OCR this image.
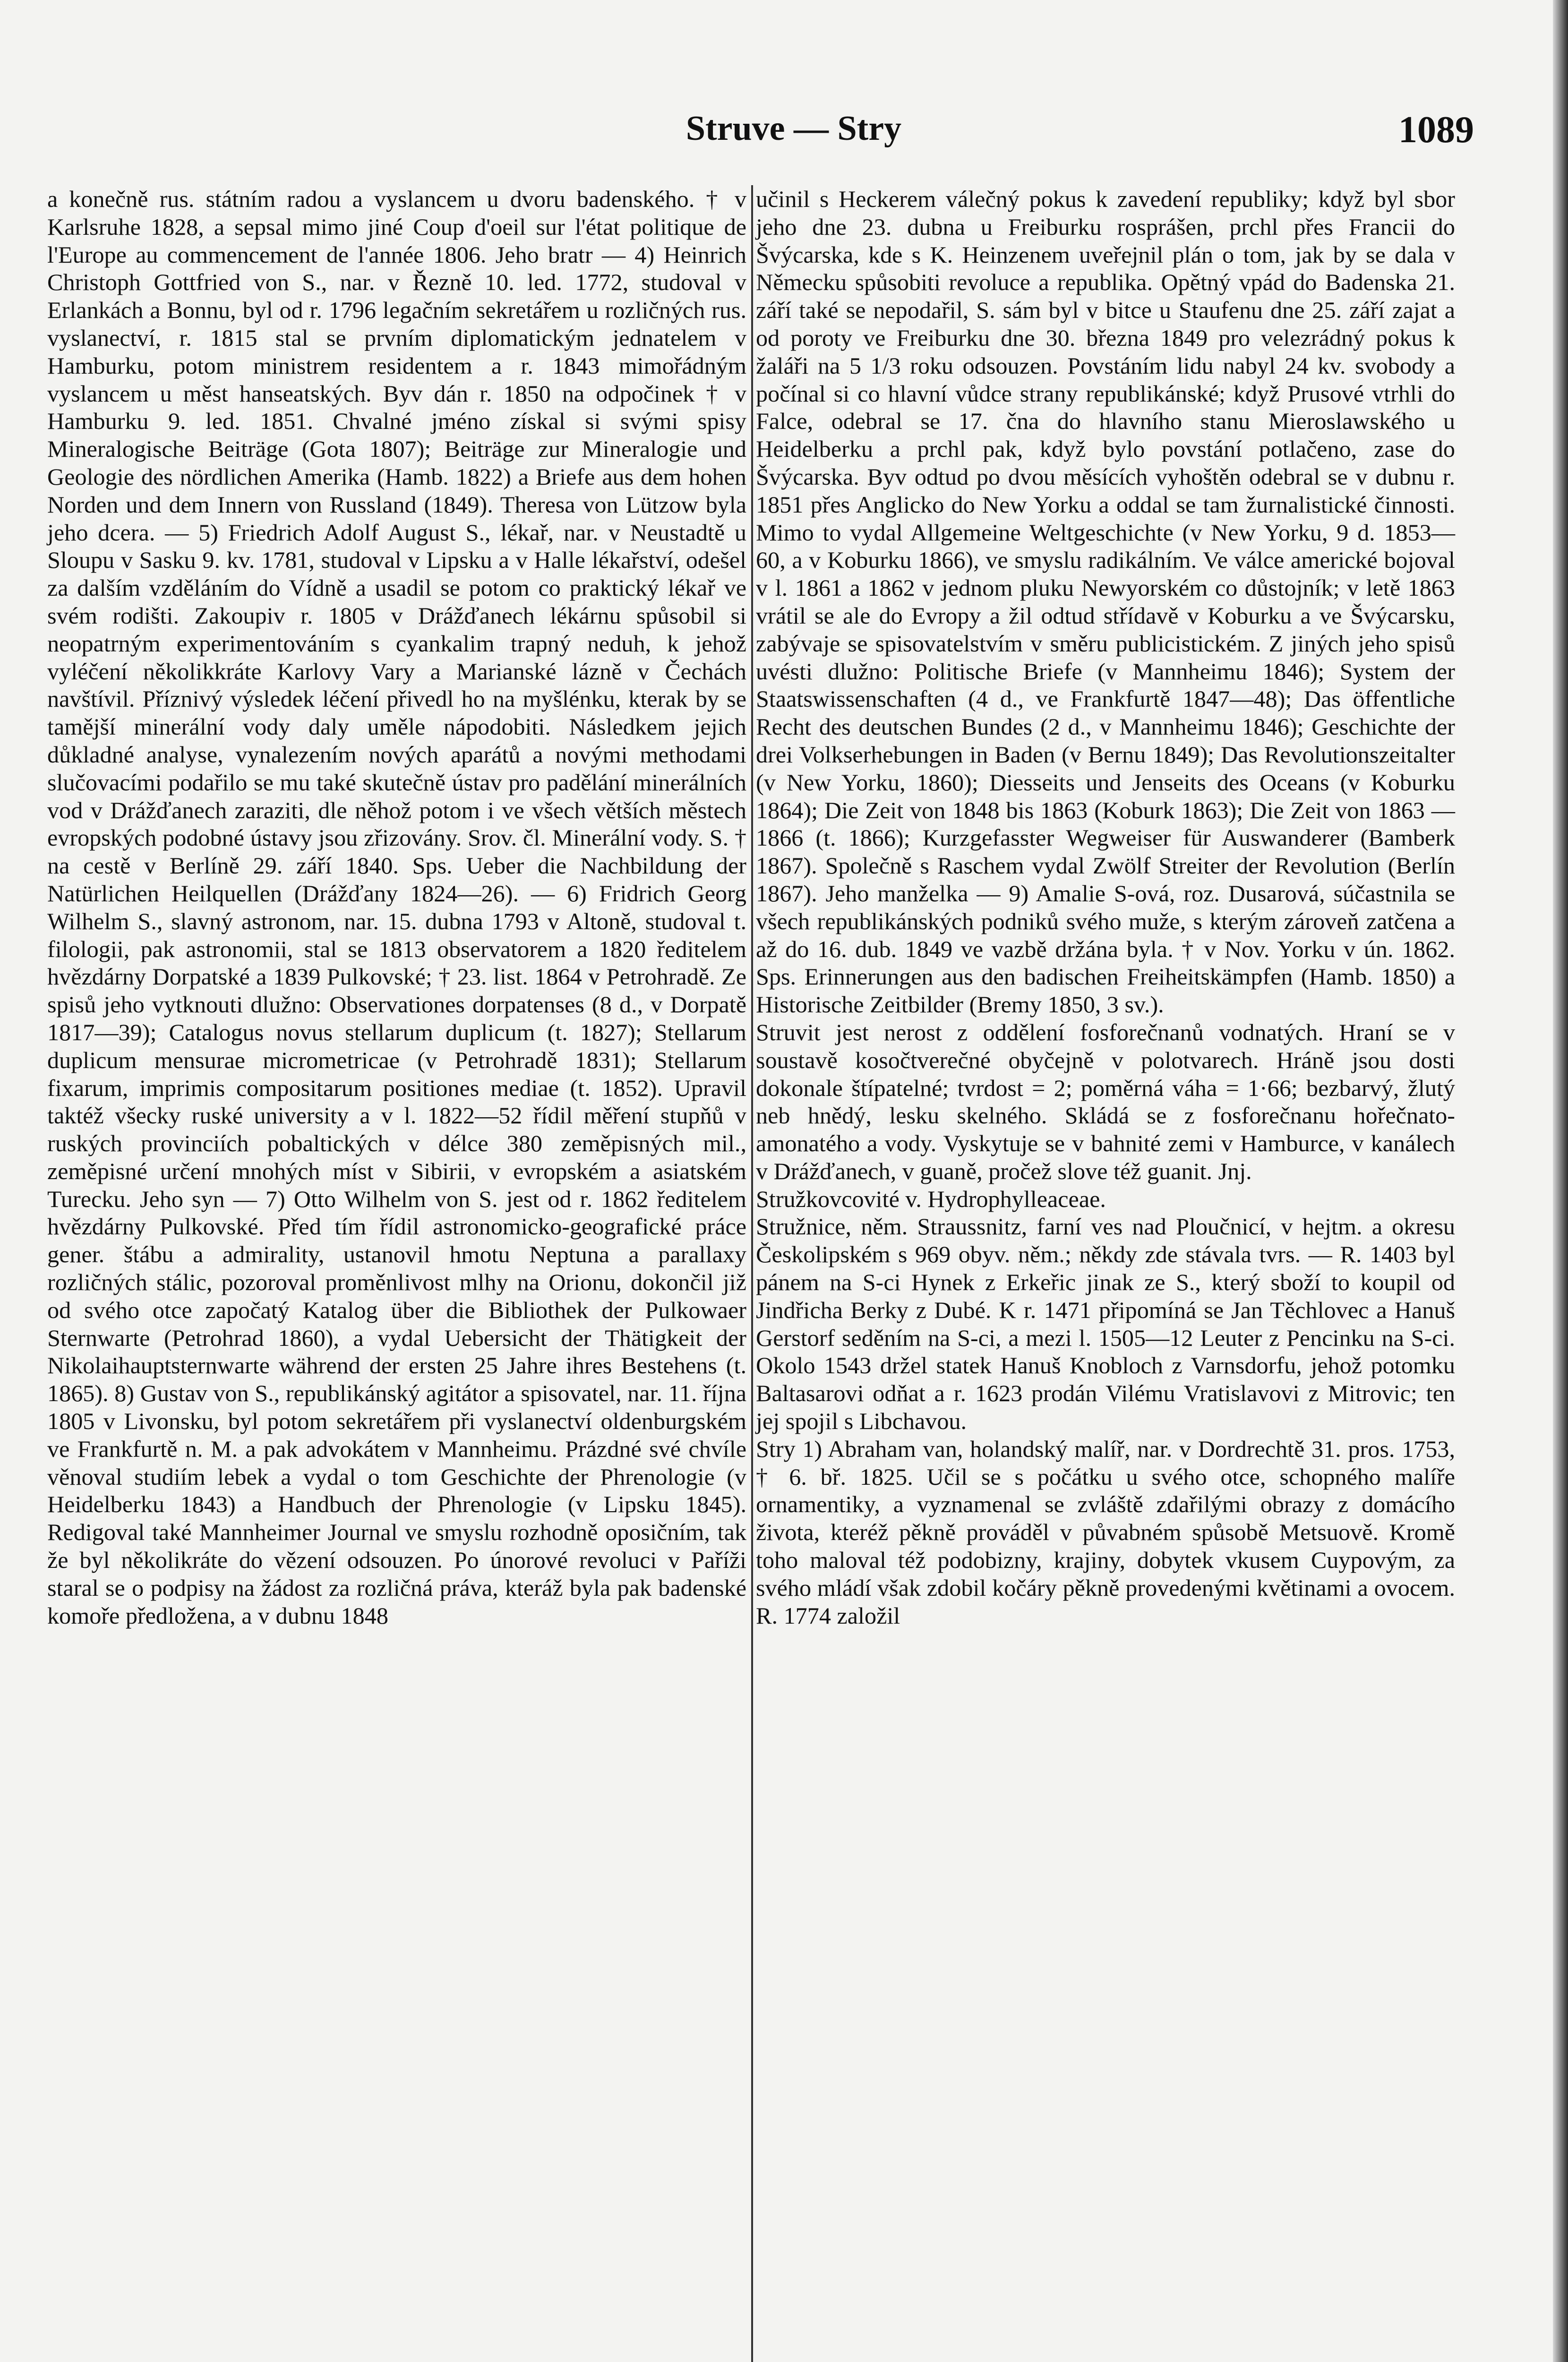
Struve — Stry	1089

a konečně rus. státním radou a vyslancem u dvoru badenského. † v Karlsruhe 1828, a sepsal mimo jiné Coup d'oeil sur l'état politique de l'Europe au commencement de l'année 1806. Jeho bratr — 4) Heinrich Christoph Gottfried von S., nar. v Řezně 10. led. 1772, studoval v Erlankách a Bonnu, byl od r. 1796 legačním sekretářem u rozličných rus. vyslanectví, r. 1815 stal se prvním diplomatickým jednatelem v Hamburku, potom ministrem residentem a r. 1843 mimořádným vyslancem u měst hanseatských. Byv dán r. 1850 na odpočinek † v Hamburku 9. led. 1851. Chvalné jméno získal si svými spisy Mineralogische Beiträge (Gota 1807); Beiträge zur Mineralogie und Geologie des nördlichen Amerika (Hamb. 1822) a Briefe aus dem hohen Norden und dem Innern von Russland (1849). Theresa von Lützow byla jeho dcera. — 5) Friedrich Adolf August S., lékař, nar. v Neustadtě u Sloupu v Sasku 9. kv. 1781, studoval v Lipsku a v Halle lékařství, odešel za dalším vzděláním do Vídně a usadil se potom co praktický lékař ve svém rodišti. Zakoupiv r. 1805 v Drážďanech lékárnu spůsobil si neopatrným experimentováním s cyankalim trapný neduh, k jehož vyléčení několikkráte Karlovy Vary a Marianské lázně v Čechách navštívil. Příznivý výsledek léčení přivedl ho na myšlénku, kterak by se tamější minerální vody daly uměle nápodobiti. Následkem jejich důkladné analyse, vynalezením nových aparátů a novými methodami slučovacími podařilo se mu také skutečně ústav pro padělání minerálních vod v Drážďanech zaraziti, dle něhož potom i ve všech větších městech evropských podobné ústavy jsou zřizovány. Srov. čl. Minerální vody. S. † na cestě v Berlíně 29. září 1840. Sps. Ueber die Nachbildung der Natürlichen Heilquellen (Drážďany 1824—26). — 6) Fridrich Georg Wilhelm S., slavný astronom, nar. 15. dubna 1793 v Altoně, studoval t. filologii, pak astronomii, stal se 1813 observatorem a 1820 ředitelem hvězdárny Dorpatské a 1839 Pulkovské; † 23. list. 1864 v Petrohradě. Ze spisů jeho vytknouti dlužno: Observationes dorpatenses (8 d., v Dorpatě 1817—39); Catalogus novus stellarum duplicum (t. 1827); Stellarum duplicum mensurae micrometricae (v Petrohradě 1831); Stellarum fixarum, imprimis compositarum positiones mediae (t. 1852). Upravil taktéž všecky ruské university a v l. 1822—52 řídil měření stupňů v ruských provinciích pobaltických v délce 380 zeměpisných mil., zeměpisné určení mnohých míst v Sibirii, v evropském a asiatském Turecku. Jeho syn — 7) Otto Wilhelm von S. jest od r. 1862 ředitelem hvězdárny Pulkovské. Před tím řídil astronomicko-geografické práce gener. štábu a admirality, ustanovil hmotu Neptuna a parallaxy rozličných stálic, pozoroval proměnlivost mlhy na Orionu, dokončil již od svého otce započatý Katalog über die Bibliothek der Pulkowaer Sternwarte (Petrohrad 1860), a vydal Uebersicht der Thätigkeit der Nikolaihauptsternwarte während der ersten 25 Jahre ihres Bestehens (t. 1865). 8) Gustav von S., republikánský agitátor a spisovatel, nar. 11. října 1805 v Livonsku, byl potom sekretářem při vyslanectví oldenburgském ve Frankfurtě n. M. a pak advokátem v Mannheimu. Prázdné své chvíle věnoval studiím lebek a vydal o tom Geschichte der Phrenologie (v Heidelberku 1843) a Handbuch der Phrenologie (v Lipsku 1845). Redigoval také Mannheimer Journal ve smyslu rozhodně oposičním, tak že byl několikráte do vězení odsouzen. Po únorové revoluci v Paříži staral se o podpisy na žádost za rozličná práva, kteráž byla pak badenské komoře předložena, a v dubnu 1848

učinil s Heckerem válečný pokus k zavedení republiky; když byl sbor jeho dne 23. dubna u Freiburku rosprášen, prchl přes Francii do Švýcarska, kde s K. Heinzenem uveřejnil plán o tom, jak by se dala v Německu spůsobiti revoluce a republika. Opětný vpád do Badenska 21. září také se nepodařil, S. sám byl v bitce u Staufenu dne 25. září zajat a od poroty ve Freiburku dne 30. března 1849 pro velezrádný pokus k žaláři na 5 1/3 roku odsouzen. Povstáním lidu nabyl 24 kv. svobody a počínal si co hlavní vůdce strany republikánské; když Prusové vtrhli do Falce, odebral se 17. čna do hlavního stanu Mieroslawského u Heidelberku a prchl pak, když bylo povstání potlačeno, zase do Švýcarska. Byv odtud po dvou měsících vyhoštěn odebral se v dubnu r. 1851 přes Anglicko do New Yorku a oddal se tam žurnalistické činnosti. Mimo to vydal Allgemeine Weltgeschichte (v New Yorku, 9 d. 1853—60, a v Koburku 1866), ve smyslu radikálním. Ve válce americké bojoval v l. 1861 a 1862 v jednom pluku Newyorském co důstojník; v letě 1863 vrátil se ale do Evropy a žil odtud střídavě v Koburku a ve Švýcarsku, zabývaje se spisovatelstvím v směru publicistickém. Z jiných jeho spisů uvésti dlužno: Politische Briefe (v Mannheimu 1846); System der Staatswissenschaften (4 d., ve Frankfurtě 1847—48); Das öffentliche Recht des deutschen Bundes (2 d., v Mannheimu 1846); Geschichte der drei Volkserhebungen in Baden (v Bernu 1849); Das Revolutionszeitalter (v New Yorku, 1860); Diesseits und Jenseits des Oceans (v Koburku 1864); Die Zeit von 1848 bis 1863 (Koburk 1863); Die Zeit von 1863 — 1866 (t. 1866); Kurzgefasster Wegweiser für Auswanderer (Bamberk 1867). Společně s Raschem vydal Zwölf Streiter der Revolution (Berlín 1867). Jeho manželka — 9) Amalie S-ová, roz. Dusarová, súčastnila se všech republikánských podniků svého muže, s kterým zároveň zatčena a až do 16. dub. 1849 ve vazbě držána byla. † v Nov. Yorku v ún. 1862. Sps. Erinnerungen aus den badischen Freiheitskämpfen (Hamb. 1850) a Historische Zeitbilder (Bremy 1850, 3 sv.).

Struvit jest nerost z oddělení fosforečnanů vodnatých. Hraní se v soustavě kosočtverečné obyčejně v polotvarech. Hráně jsou dosti dokonale štípatelné; tvrdost = 2; poměrná váha = 1·66; bezbarvý, žlutý neb hnědý, lesku skelného. Skládá se z fosforečnanu hořečnato-amonatého a vody. Vyskytuje se v bahnité zemi v Hamburce, v kanálech v Drážďanech, v guaně, pročež slove též guanit. Jnj.

Stružkovcovité v. Hydrophylleaceae.

Stružnice, něm. Straussnitz, farní ves nad Ploučnicí, v hejtm. a okresu Českolipském s 969 obyv. něm.; někdy zde stávala tvrs. — R. 1403 byl pánem na S-ci Hynek z Erkeřic jinak ze S., který sboží to koupil od Jindřicha Berky z Dubé. K r. 1471 připomíná se Jan Těchlovec a Hanuš Gerstorf seděním na S-ci, a mezi l. 1505—12 Leuter z Pencinku na S-ci. Okolo 1543 držel statek Hanuš Knobloch z Varnsdorfu, jehož potomku Baltasarovi odňat a r. 1623 prodán Vilému Vratislavovi z Mitrovic; ten jej spojil s Libchavou.

Stry 1) Abraham van, holandský malíř, nar. v Dordrechtě 31. pros. 1753, † 6. bř. 1825. Učil se s počátku u svého otce, schopného malíře ornamentiky, a vyznamenal se zvláště zdařilými obrazy z domácího života, kteréž pěkně prováděl v půvabném spůsobě Metsuově. Kromě toho maloval též podobizny, krajiny, dobytek vkusem Cuypovým, za svého mládí však zdobil kočáry pěkně provedenými květinami a ovocem. R. 1774 založil
